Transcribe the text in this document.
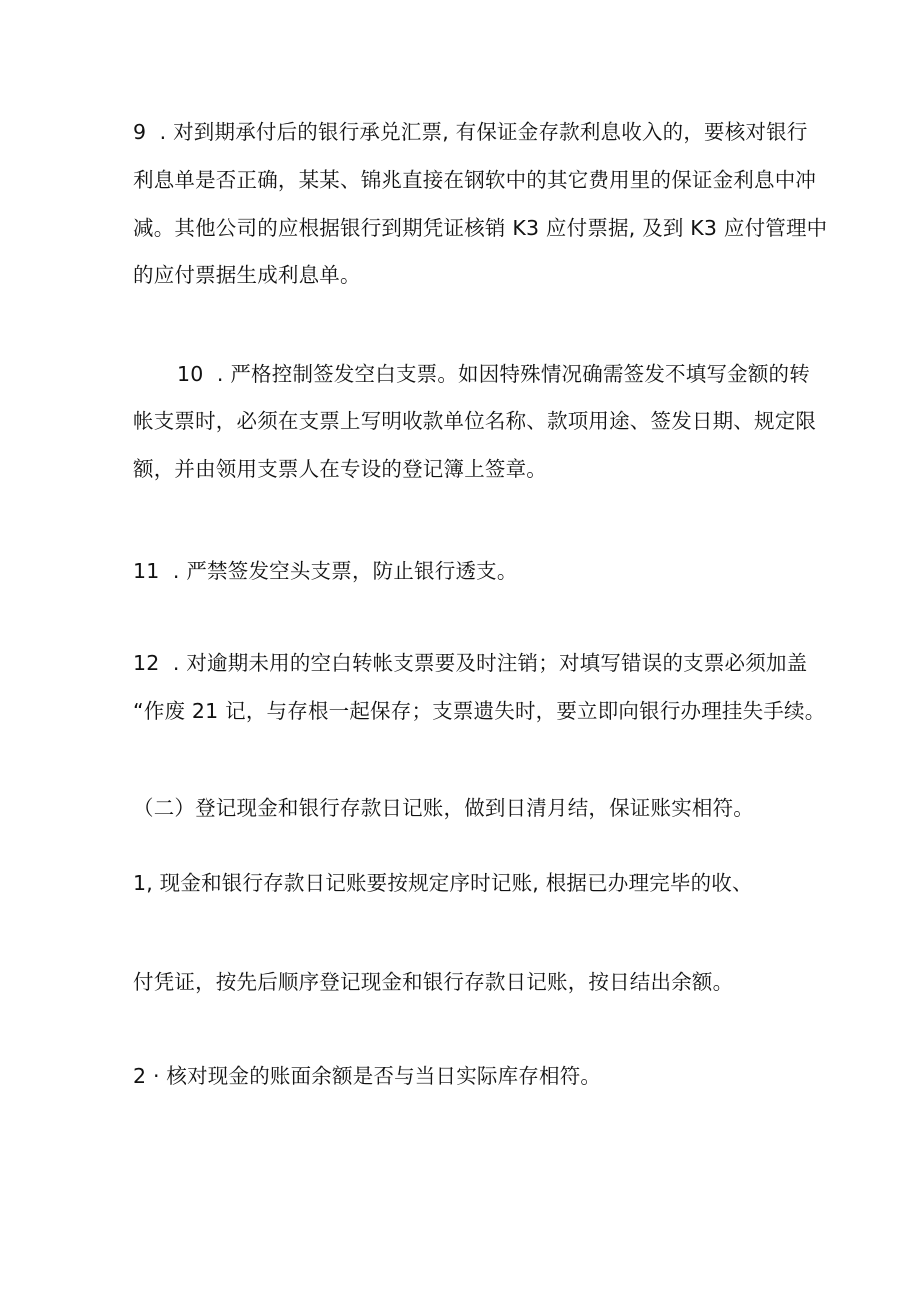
9  . 对到期承付后的银行承兑汇票, 有保证金存款利息收入的，要核对银行
利息单是否正确，某某、锦兆直接在钢软中的其它费用里的保证金利息中冲
减。其他公司的应根据银行到期凭证核销 K3 应付票据, 及到 K3 应付管理中
的应付票据生成利息单。
10  . 严格控制签发空白支票。如因特殊情况确需签发不填写金额的转
帐支票时，必须在支票上写明收款单位名称、款项用途、签发日期、规定限
额，并由领用支票人在专设的登记簿上签章。
11  . 严禁签发空头支票，防止银行透支。
12  . 对逾期未用的空白转帐支票要及时注销；对填写错误的支票必须加盖
“作废 21 记，与存根一起保存；支票遗失时，要立即向银行办理挂失手续。
（二）登记现金和银行存款日记账，做到日清月结，保证账实相符。
1, 现金和银行存款日记账要按规定序时记账, 根据已办理完毕的收、
付凭证，按先后顺序登记现金和银行存款日记账，按日结出余额。
2 · 核对现金的账面余额是否与当日实际库存相符。
